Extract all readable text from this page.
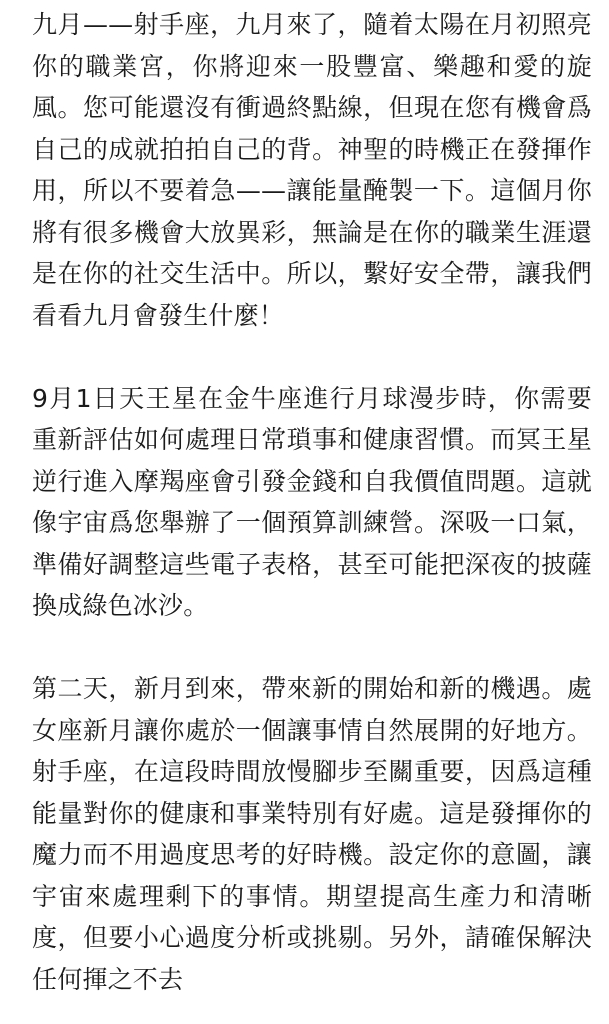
九月——射手座，九月來了，隨着太陽在月初照亮你的職業宮，你將迎來一股豐富、樂趣和愛的旋風。您可能還沒有衝過終點線，但現在您有機會爲自己的成就拍拍自己的背。神聖的時機正在發揮作用，所以不要着急——讓能量醃製一下。這個月你將有很多機會大放異彩，無論是在你的職業生涯還是在你的社交生活中。所以，繫好安全帶，讓我們看看九月會發生什麼！

9月1日天王星在金牛座進行月球漫步時，你需要重新評估如何處理日常瑣事和健康習慣。而冥王星逆行進入摩羯座會引發金錢和自我價值問題。這就像宇宙爲您舉辦了一個預算訓練營。深吸一口氣，準備好調整這些電子表格，甚至可能把深夜的披薩換成綠色冰沙。

第二天，新月到來，帶來新的開始和新的機遇。處女座新月讓你處於一個讓事情自然展開的好地方。射手座，在這段時間放慢腳步至關重要，因爲這種能量對你的健康和事業特別有好處。這是發揮你的魔力而不用過度思考的好時機。設定你的意圖，讓宇宙來處理剩下的事情。期望提高生產力和清晰度，但要小心過度分析或挑剔。另外，請確保解決任何揮之不去
